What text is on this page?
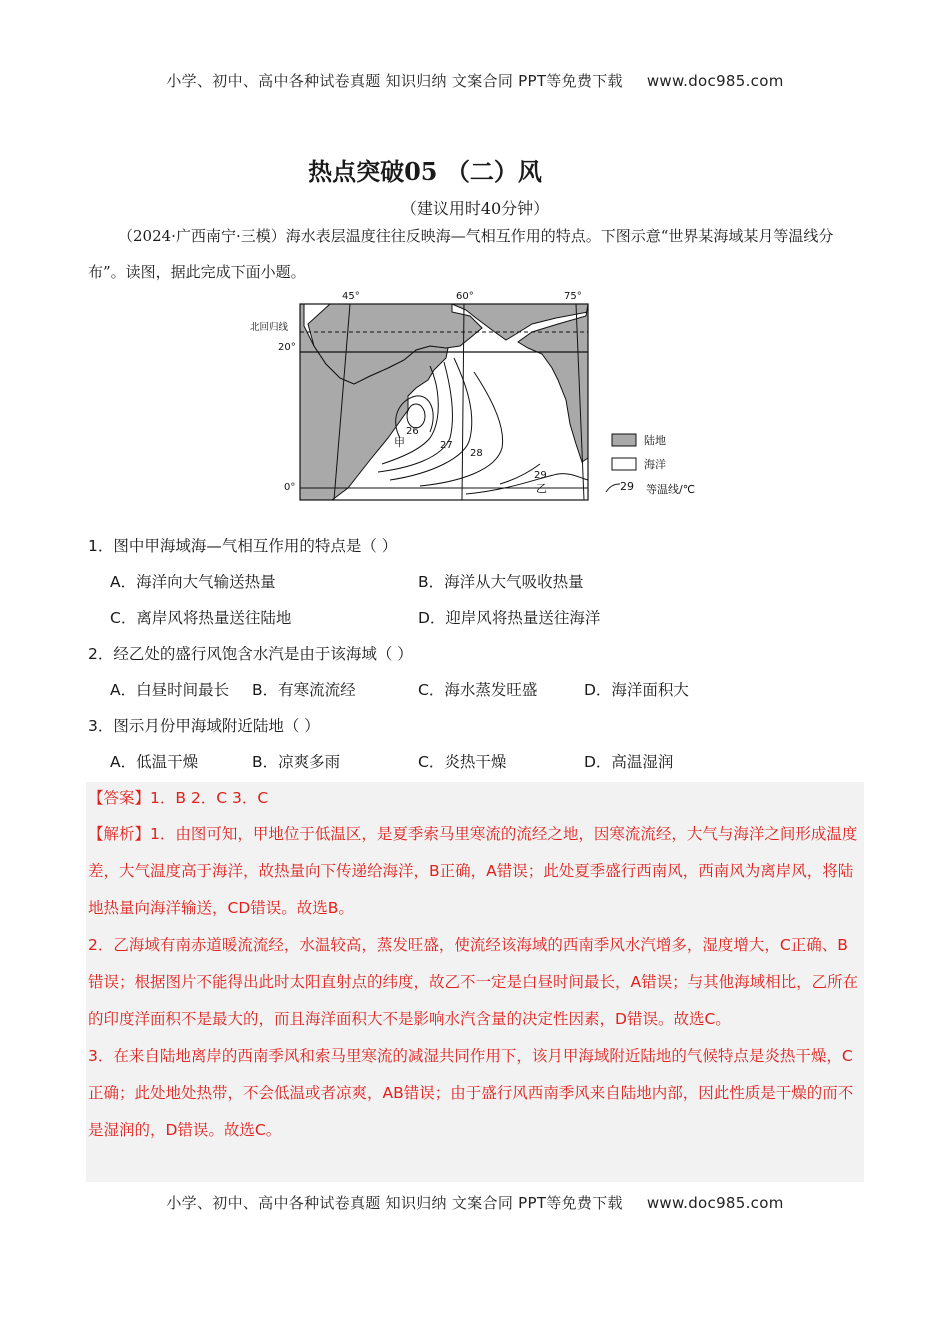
小学、初中、高中各种试卷真题 知识归纳 文案合同 PPT等免费下载 www.doc985.com
热点突破05 （二）风
（建议用时40分钟）
（2024·广西南宁·三模）海水表层温度往往反映海—气相互作用的特点。下图示意“世界某海域某月等温线分布”。读图，据此完成下面小题。
45°	60°	75°
北回归线
20°
0°
26
27
28
29
甲
乙
陆地
海洋
29 等温线/℃
1．图中甲海域海—气相互作用的特点是（ ）
A．海洋向大气输送热量	B．海洋从大气吸收热量
C．离岸风将热量送往陆地	D．迎岸风将热量送往海洋
2．经乙处的盛行风饱含水汽是由于该海域（ ）
A．白昼时间最长 B．有寒流流经	C．海水蒸发旺盛	D．海洋面积大
3．图示月份甲海域附近陆地（ ）
A．低温干燥	B．凉爽多雨	C．炎热干燥	D．高温湿润
【答案】1．B 2．C 3．C

【解析】1．由图可知，甲地位于低温区，是夏季索马里寒流的流经之地，因寒流流经，大气与海洋之间形成温度差，大气温度高于海洋，故热量向下传递给海洋，B正确，A错误；此处夏季盛行西南风，西南风为离岸风，将陆地热量向海洋输送，CD错误。故选B。

2．乙海域有南赤道暖流流经，水温较高，蒸发旺盛，使流经该海域的西南季风水汽增多，湿度增大，C正确、B错误；根据图片不能得出此时太阳直射点的纬度，故乙不一定是白昼时间最长，A错误；与其他海域相比，乙所在的印度洋面积不是最大的，而且海洋面积大不是影响水汽含量的决定性因素，D错误。故选C。

3．在来自陆地离岸的西南季风和索马里寒流的减湿共同作用下，该月甲海域附近陆地的气候特点是炎热干燥，C正确；此处地处热带，不会低温或者凉爽，AB错误；由于盛行风西南季风来自陆地内部，因此性质是干燥的而不是湿润的，D错误。故选C。

小学、初中、高中各种试卷真题 知识归纳 文案合同 PPT等免费下载 www.doc985.com
